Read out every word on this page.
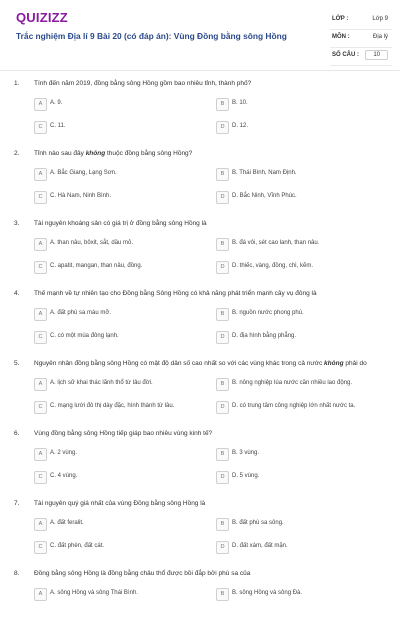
QUIZIZZ
Trắc nghiệm Địa lí 9 Bài 20 (có đáp án): Vùng Đồng bằng sông Hồng
LỚP :	Lớp 9
MÔN :	Địa lý
SỐ CÂU :	10
1. Tính đến năm 2019, đồng bằng sông Hồng gồm bao nhiêu tỉnh, thành phố?
A	A. 9.	B	B. 10.
C	C. 11.	D	D. 12.
2. Tỉnh nào sau đây không thuộc đồng bằng sông Hồng?
A	A. Bắc Giang, Lạng Sơn.	B	B. Thái Bình, Nam Định.
C	C. Hà Nam, Ninh Bình.	D	D. Bắc Ninh, Vĩnh Phúc.
3. Tài nguyên khoáng sản có giá trị ở đồng bằng sông Hồng là
A	A. than nâu, bôxit, sắt, dầu mỏ.	B	B. đá vôi, sét cao lanh, than nâu.
C	C. apatit, mangan, than nâu, đồng.	D	D. thiếc, vàng, đồng, chì, kẽm.
4. Thế mạnh về tự nhiên tạo cho Đồng bằng Sông Hồng có khả năng phát triển mạnh cây vụ đông là
A	A. đất phù sa màu mỡ.	B	B. nguồn nước phong phú.
C	C. có một mùa đông lạnh.	D	D. địa hình bằng phẳng.
5. Nguyên nhân đồng bằng sông Hồng có mật độ dân số cao nhất so với các vùng khác trong cả nước không phải do
A	A. lịch sử khai thác lãnh thổ từ lâu đời.	B	B. nông nghiệp lúa nước cần nhiều lao động.
C	C. mạng lưới đô thị dày đặc, hình thành từ lâu.	D	D. có trung tâm công nghiệp lớn nhất nước ta.
6. Vùng đồng bằng sông Hồng tiếp giáp bao nhiêu vùng kinh tế?
A	A. 2 vùng.	B	B. 3 vùng.
C	C. 4 vùng.	D	D. 5 vùng.
7. Tài nguyên quý giá nhất của vùng Đồng bằng sông Hồng là
A	A. đất feralit.	B	B. đất phù sa sông.
C	C. đất phèn, đất cát.	D	D. đất xám, đất mặn.
8. Đồng bằng sông Hồng là đồng bằng châu thổ được bồi đắp bởi phù sa của
A	A. sông Hồng và sông Thái Bình.	B	B. sông Hồng và sông Đà.
